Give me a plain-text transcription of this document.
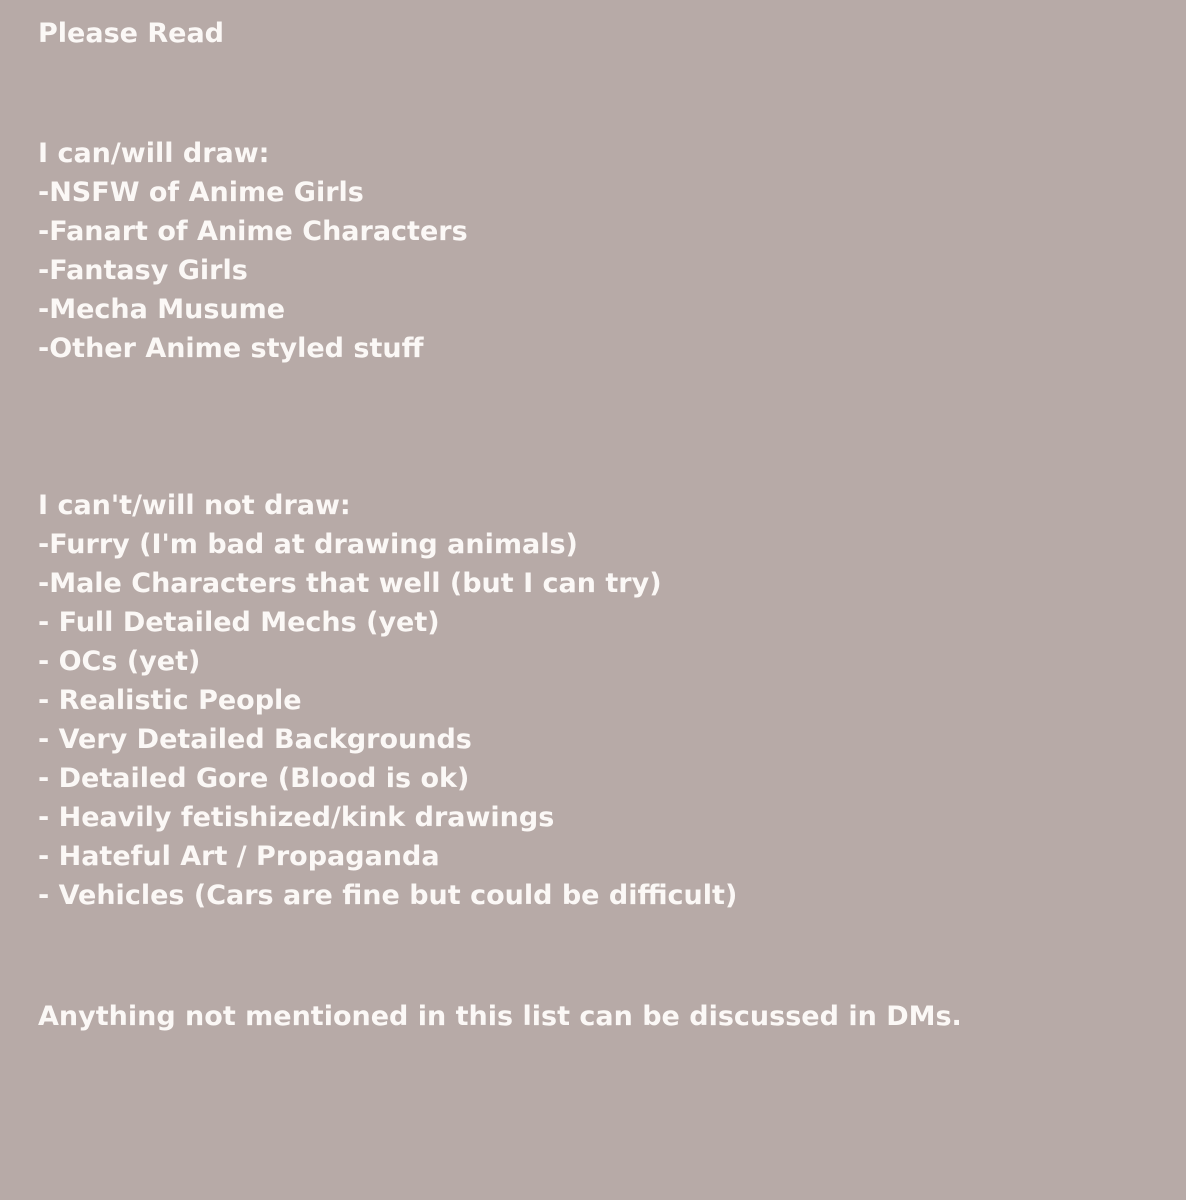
Please Read
I can/will draw:
-NSFW of Anime Girls
-Fanart of Anime Characters
-Fantasy Girls
-Mecha Musume
-Other Anime styled stuff
I can't/will not draw:
-Furry (I'm bad at drawing animals)
-Male Characters that well (but I can try)
- Full Detailed Mechs (yet)
- OCs (yet)
- Realistic People
- Very Detailed Backgrounds
- Detailed Gore (Blood is ok)
- Heavily fetishized/kink drawings
- Hateful Art / Propaganda
- Vehicles (Cars are fine but could be difficult)
Anything not mentioned in this list can be discussed in DMs.
